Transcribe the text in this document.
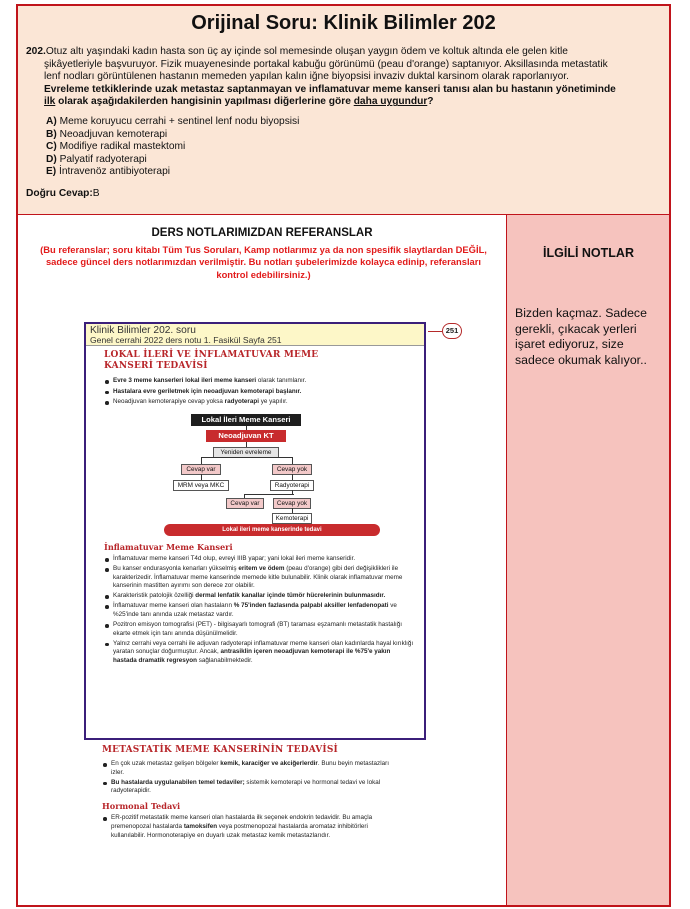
Orijinal Soru: Klinik Bilimler 202
202.Otuz altı yaşındaki kadın hasta son üç ay içinde sol memesinde oluşan yaygın ödem ve koltuk altında ele gelen kitle
şikâyetleriyle başvuruyor. Fizik muayenesinde portakal kabuğu görünümü (peau d'orange) saptanıyor. Aksillasında metastatik
lenf nodları görüntülenen hastanın memeden yapılan kalın iğne biyopsisi invaziv duktal karsinom olarak raporlanıyor.
Evreleme tetkiklerinde uzak metastaz saptanmayan ve inflamatuvar meme kanseri tanısı alan bu hastanın yönetiminde
ilk olarak aşağıdakilerden hangisinin yapılması diğerlerine göre daha uygundur?
A) Meme koruyucu cerrahi + sentinel lenf nodu biyopsisi
B) Neoadjuvan kemoterapi
C) Modifiye radikal mastektomi
D) Palyatif radyoterapi
E) İntravenöz antibiyoterapi
Doğru Cevap:B
DERS NOTLARIMIZDAN REFERANSLAR
(Bu referanslar; soru kitabı Tüm Tus Soruları, Kamp notlarımız ya da non spesifik slaytlardan DEĞİL, sadece güncel ders notlarımızdan verilmiştir. Bu notları şubelerimizde kolayca edinip, referansları kontrol edebilirsiniz.)
251
Klinik Bilimler 202. soru
Genel cerrahi 2022 ders notu 1. Fasikül Sayfa 251
LOKAL İLERİ VE İNFLAMATUVAR MEME KANSERİ TEDAVİSİ
Evre 3 meme kanserleri lokal ileri meme kanseri olarak tanımlanır.
Hastalara evre geriletmek için neoadjuvan kemoterapi başlanır.
Neoadjuvan kemoterapiye cevap yoksa radyoterapi ye yapılır.
Lokal İleri Meme Kanseri
Neoadjuvan KT
Yeniden evreleme
Cevap var	Cevap yok
MRM veya MKC	Radyoterapi
Cevap var	Cevap yok
Kemoterapi
Lokal ileri meme kanserinde tedavi
İnflamatuvar Meme Kanseri
İnflamatuvar meme kanseri T4d olup, evreyi IIIB yapar; yani lokal ileri meme kanseridir.
Bu kanser endurasyonla kenarları yükselmiş eritem ve ödem (peau d'orange) gibi deri değişiklikleri ile karakterizedir. İnflamatuvar meme kanserinde memede kitle bulunabilir. Klinik olarak inflamatuvar meme kanserinin mastitten ayırımı son derece zor olabilir.
Karakteristik patolojik özelliği dermal lenfatik kanallar içinde tümör hücrelerinin bulunmasıdır.
İnflamatuvar meme kanseri olan hastaların % 75'inden fazlasında palpabl aksiller lenfadenopati ve %25'inde tanı anında uzak metastaz vardır.
Pozitron emisyon tomografisi (PET) - bilgisayarlı tomografi (BT) taraması eşzamanlı metastatik hastalığı ekarte etmek için tanı anında düşünülmelidir.
Yalnız cerrahi veya cerrahi ile adjuvan radyoterapi inflamatuvar meme kanseri olan kadınlarda hayal kırıklığı yaratan sonuçlar doğurmuştur. Ancak, antrasiklin içeren neoadjuvan kemoterapi ile %75'e yakın hastada dramatik regresyon sağlanabilmektedir.
METASTATİK MEME KANSERİNİN TEDAVİSİ
En çok uzak metastaz gelişen bölgeler kemik, karaciğer ve akciğerlerdir. Bunu beyin metastazları izler.
Bu hastalarda uygulanabilen temel tedaviler; sistemik kemoterapi ve hormonal tedavi ve lokal radyoterapidir.
Hormonal Tedavi
ER-pozitif metastatik meme kanseri olan hastalarda ilk seçenek endokrin tedavidir. Bu amaçla premenopozal hastalarda tamoksifen veya postmenopozal hastalarda aromataz inhibitörleri kullanılabilir. Hormonoterapiye en duyarlı uzak metastaz kemik metastazlarıdır.
İLGİLİ NOTLAR
Bizden kaçmaz. Sadece gerekli, çıkacak yerleri işaret ediyoruz, size sadece okumak kalıyor..
